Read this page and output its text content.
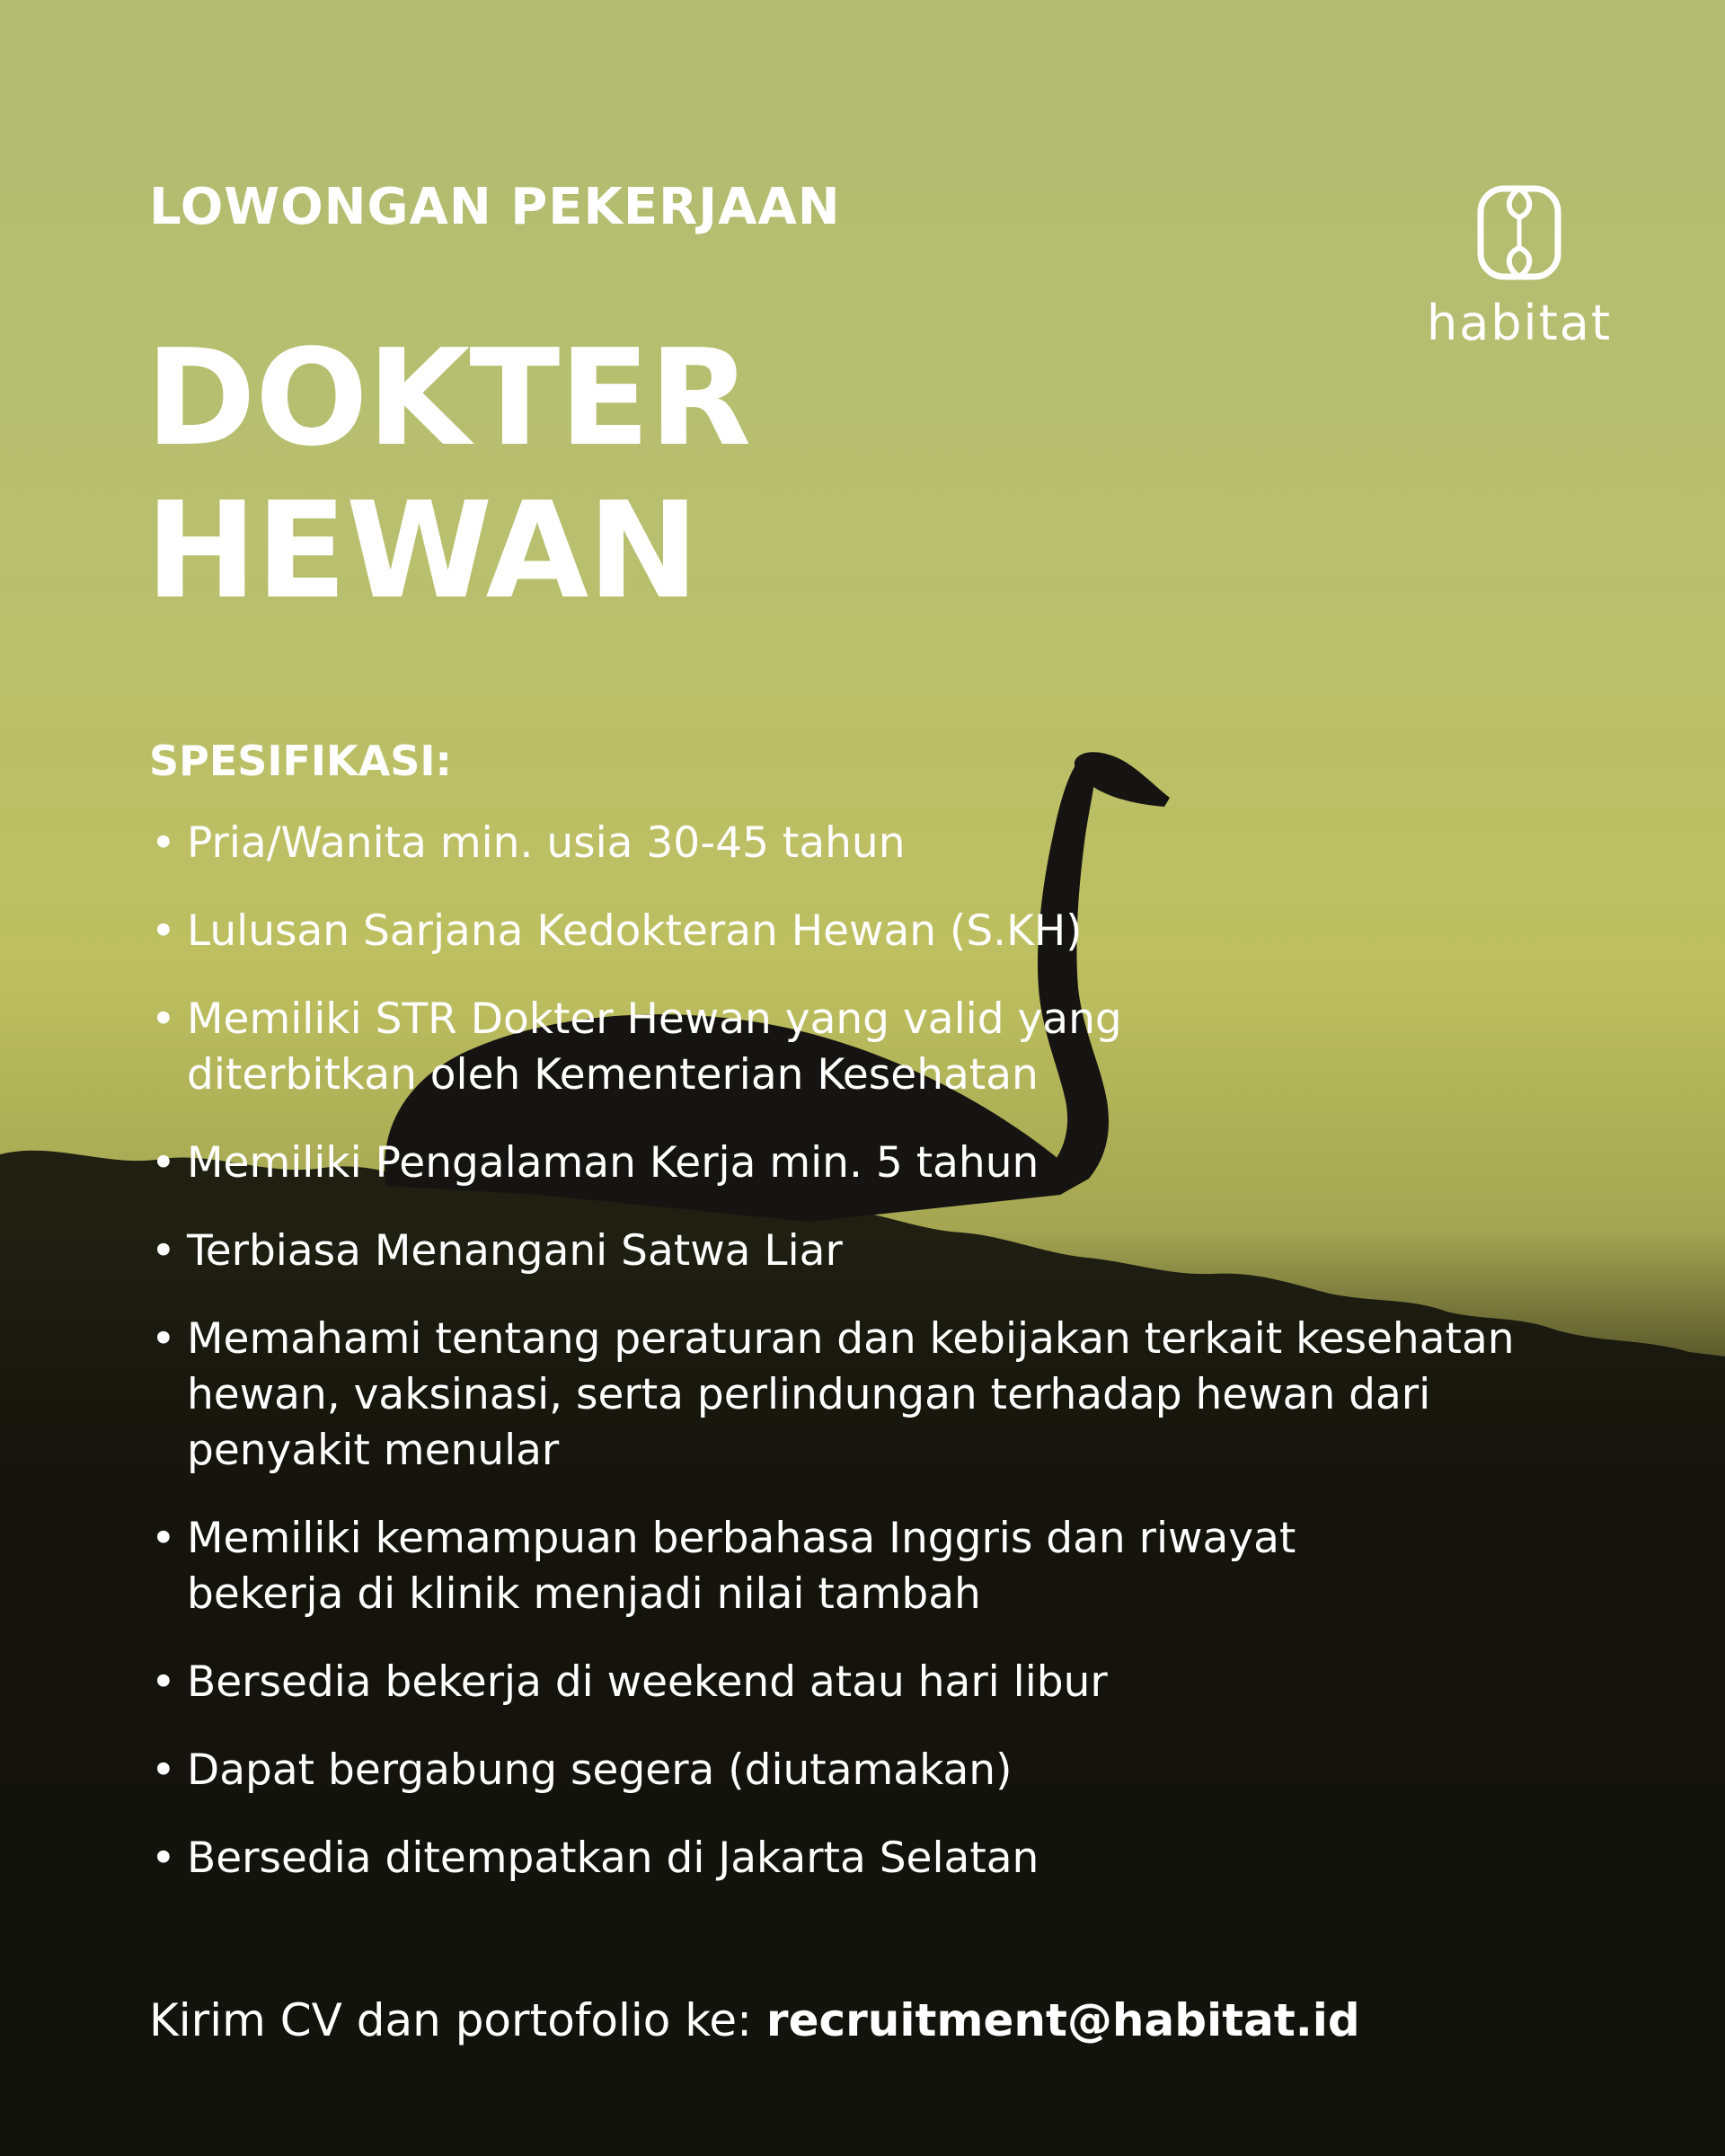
LOWONGAN PEKERJAAN
DOKTER
HEWAN
habitat
SPESIFIKASI:
• Pria/Wanita min. usia 30-45 tahun
• Lulusan Sarjana Kedokteran Hewan (S.KH)
• Memiliki STR Dokter Hewan yang valid yang diterbitkan oleh Kementerian Kesehatan
• Memiliki Pengalaman Kerja min. 5 tahun
• Terbiasa Menangani Satwa Liar
• Memahami tentang peraturan dan kebijakan terkait kesehatan hewan, vaksinasi, serta perlindungan terhadap hewan dari penyakit menular
• Memiliki kemampuan berbahasa Inggris dan riwayat bekerja di klinik menjadi nilai tambah
• Bersedia bekerja di weekend atau hari libur
• Dapat bergabung segera (diutamakan)
• Bersedia ditempatkan di Jakarta Selatan

Kirim CV dan portofolio ke: recruitment@habitat.id
